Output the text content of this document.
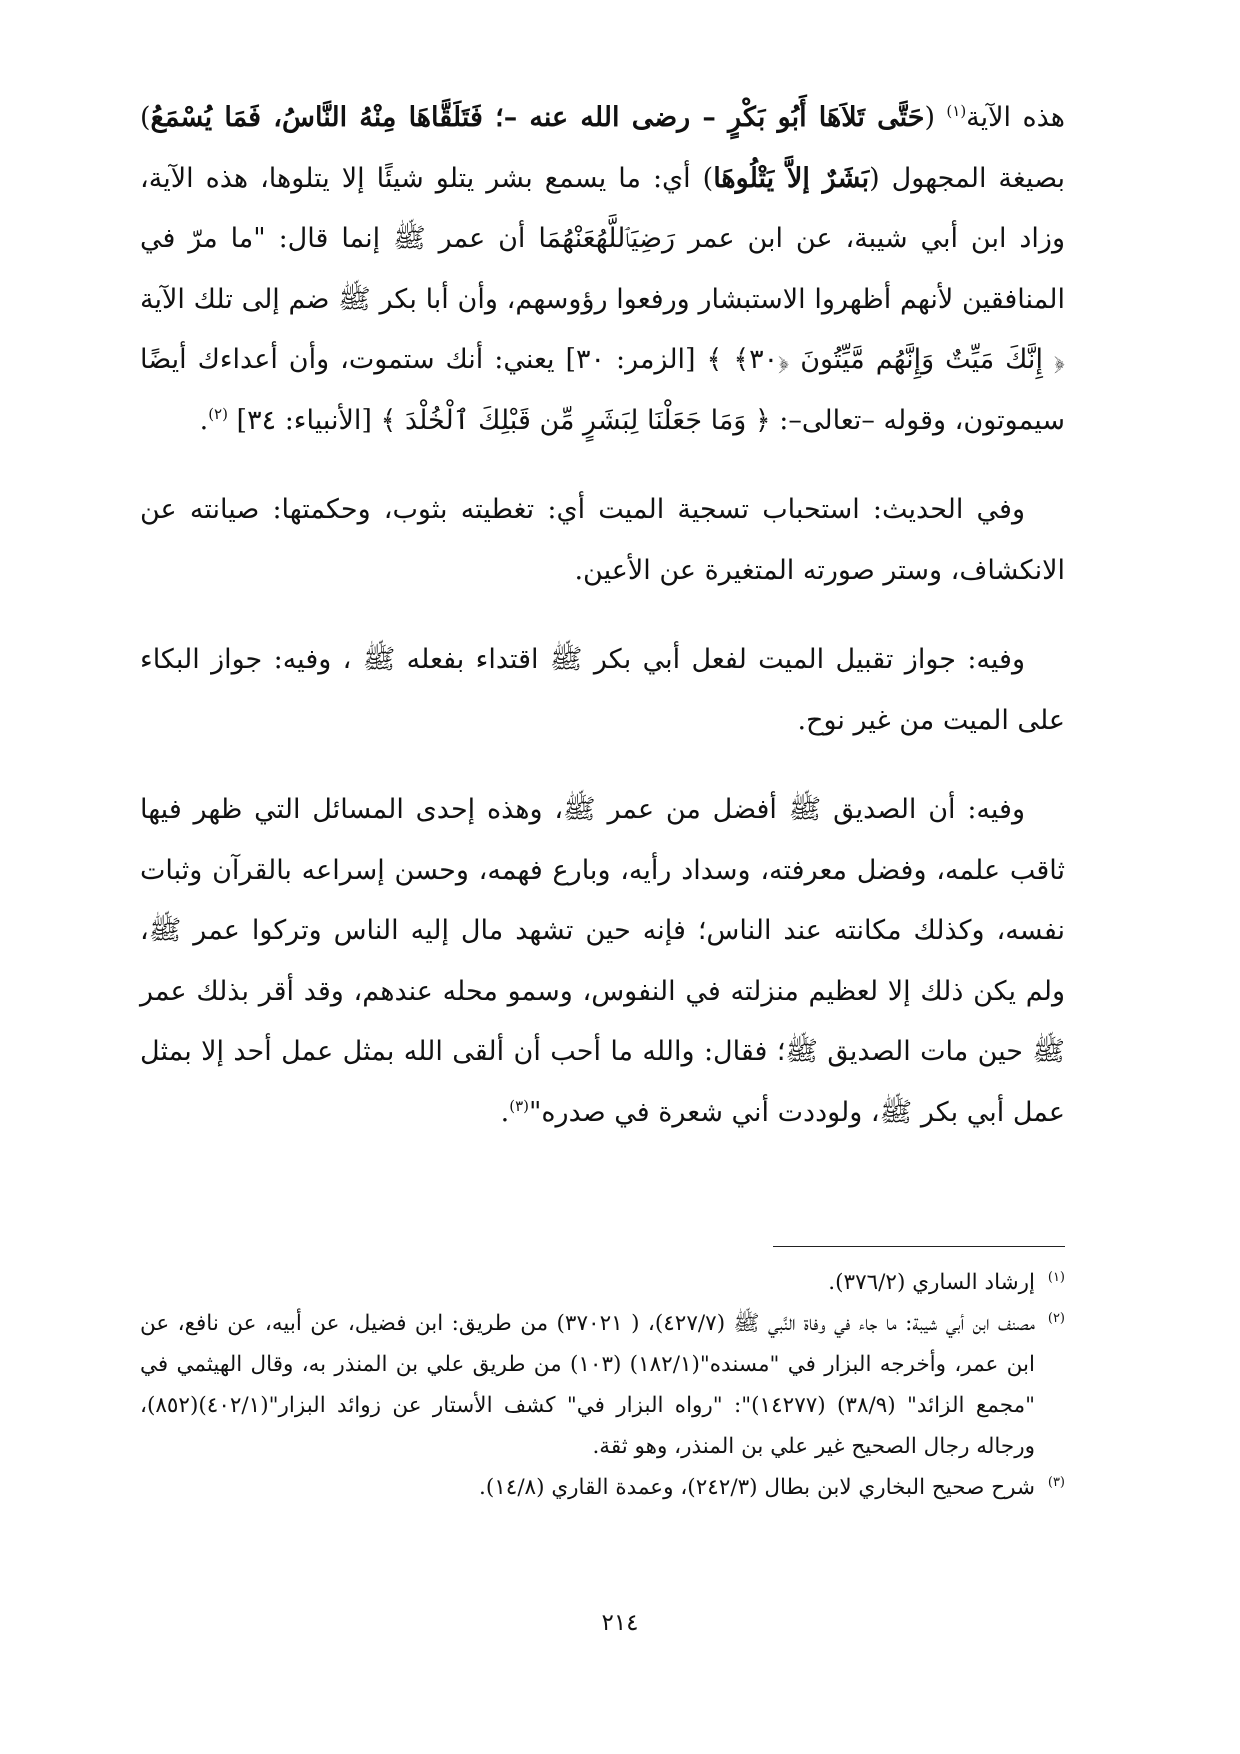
هذه الآية$^{(١)}$ (حَتَّى تَلاَهَا أَبُو بَكْرٍ – رضى الله عنه –؛ فَتَلَقَّاهَا مِنْهُ النَّاسُ، فَمَا يُسْمَعُ) بصيغة المجهول (بَشَرٌ إلاَّ يَتْلُوهَا) أي: ما يسمع بشر يتلو شيئًا إلا يتلوها، هذه الآية، وزاد ابن أبي شيبة، عن ابن عمر رَضِيَٱللَّهُعَنْهُمَا أن عمر ﷺ إنما قال: "ما مرّ في المنافقين لأنهم أظهروا الاستبشار ورفعوا رؤوسهم، وأن أبا بكر ﷺ ضم إلى تلك الآية ﴿ إِنَّكَ مَيِّتٌ وَإِنَّهُم مَّيِّتُونَ ﴿٣٠﴾ ﴾ [الزمر: ٣٠] يعني: أنك ستموت، وأن أعداءك أيضًا سيموتون، وقوله –تعالى–: ﴿ وَمَا جَعَلْنَا لِبَشَرٍ مِّن قَبْلِكَ ٱلْخُلْدَ ﴾ [الأنبياء: ٣٤] $^{(٢)}$.

وفي الحديث: استحباب تسجية الميت أي: تغطيته بثوب، وحكمتها: صيانته عن الانكشاف، وستر صورته المتغيرة عن الأعين.

وفيه: جواز تقبيل الميت لفعل أبي بكر ﷺ اقتداء بفعله ﷺ ، وفيه: جواز البكاء على الميت من غير نوح.

وفيه: أن الصديق ﷺ أفضل من عمر ﷺ، وهذه إحدى المسائل التي ظهر فيها ثاقب علمه، وفضل معرفته، وسداد رأيه، وبارع فهمه، وحسن إسراعه بالقرآن وثبات نفسه، وكذلك مكانته عند الناس؛ فإنه حين تشهد مال إليه الناس وتركوا عمر ﷺ، ولم يكن ذلك إلا لعظيم منزلته في النفوس، وسمو محله عندهم، وقد أقر بذلك عمر ﷺ حين مات الصديق ﷺ؛ فقال: والله ما أحب أن ألقى الله بمثل عمل أحد إلا بمثل عمل أبي بكر ﷺ، ولوددت أني شعرة في صدره"$^{(٣)}$.

(١)إرشاد الساري (٣٧٦/٢).

(٢)مصنف ابن أبي شيبة: ما جاء في وفاة النَّبي ﷺ (٤٢٧/٧)، ( ٣٧٠٢١) من طريق: ابن فضيل، عن أبيه، عن نافع، عن ابن عمر، وأخرجه البزار في "مسنده"(١٨٢/١) (١٠٣) من طريق علي بن المنذر به، وقال الهيثمي في "مجمع الزائد" (٣٨/٩) (١٤٢٧٧)": "رواه البزار في" كشف الأستار عن زوائد البزار"(٤٠٢/١)(٨٥٢)، ورجاله رجال الصحيح غير علي بن المنذر، وهو ثقة.

(٣)شرح صحيح البخاري لابن بطال (٢٤٢/٣)، وعمدة القاري (١٤/٨).

٢١٤
